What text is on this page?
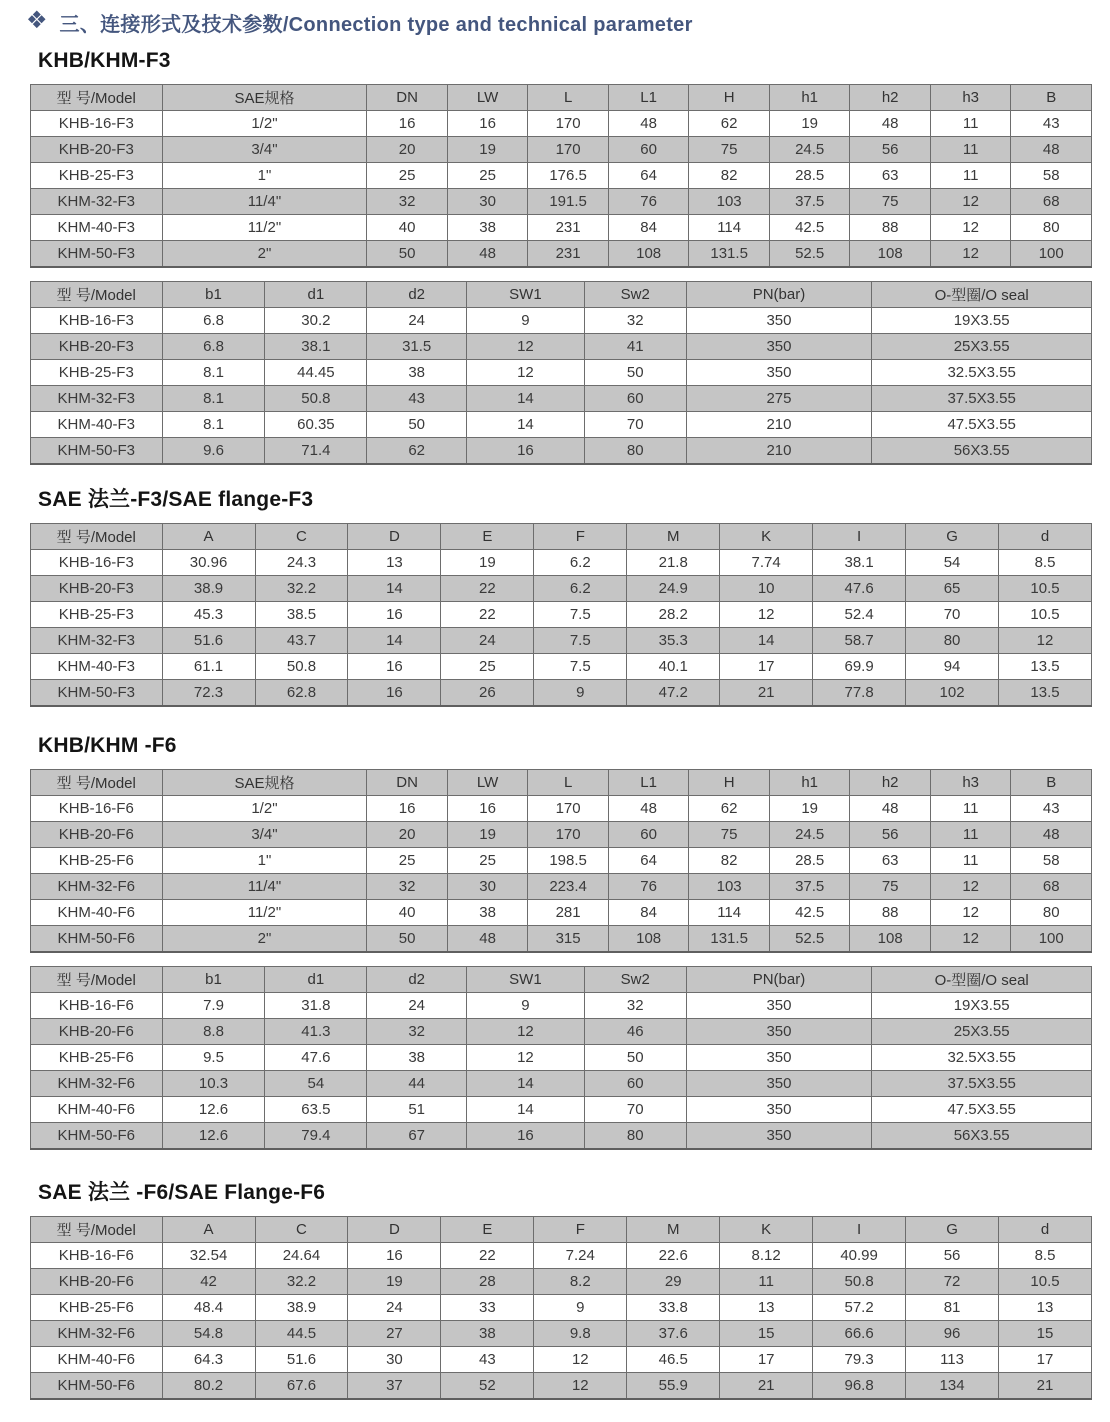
❖ 三、连接形式及技术参数/Connection type and technical parameter
KHB/KHM-F3
型 号/Model	SAE规格	DN	LW	L	L1	H	h1	h2	h3	B
KHB-16-F3	1/2"	16	16	170	48	62	19	48	11	43
KHB-20-F3	3/4"	20	19	170	60	75	24.5	56	11	48
KHB-25-F3	1"	25	25	176.5	64	82	28.5	63	11	58
KHM-32-F3	11/4"	32	30	191.5	76	103	37.5	75	12	68
KHM-40-F3	11/2"	40	38	231	84	114	42.5	88	12	80
KHM-50-F3	2"	50	48	231	108	131.5	52.5	108	12	100
型 号/Model	b1	d1	d2	SW1	Sw2	PN(bar)	O-型圈/O seal
KHB-16-F3	6.8	30.2	24	9	32	350	19X3.55
KHB-20-F3	6.8	38.1	31.5	12	41	350	25X3.55
KHB-25-F3	8.1	44.45	38	12	50	350	32.5X3.55
KHM-32-F3	8.1	50.8	43	14	60	275	37.5X3.55
KHM-40-F3	8.1	60.35	50	14	70	210	47.5X3.55
KHM-50-F3	9.6	71.4	62	16	80	210	56X3.55
SAE 法兰-F3/SAE flange-F3
型 号/Model	A	C	D	E	F	M	K	I	G	d
KHB-16-F3	30.96	24.3	13	19	6.2	21.8	7.74	38.1	54	8.5
KHB-20-F3	38.9	32.2	14	22	6.2	24.9	10	47.6	65	10.5
KHB-25-F3	45.3	38.5	16	22	7.5	28.2	12	52.4	70	10.5
KHM-32-F3	51.6	43.7	14	24	7.5	35.3	14	58.7	80	12
KHM-40-F3	61.1	50.8	16	25	7.5	40.1	17	69.9	94	13.5
KHM-50-F3	72.3	62.8	16	26	9	47.2	21	77.8	102	13.5
KHB/KHM -F6
型 号/Model	SAE规格	DN	LW	L	L1	H	h1	h2	h3	B
KHB-16-F6	1/2"	16	16	170	48	62	19	48	11	43
KHB-20-F6	3/4"	20	19	170	60	75	24.5	56	11	48
KHB-25-F6	1"	25	25	198.5	64	82	28.5	63	11	58
KHM-32-F6	11/4"	32	30	223.4	76	103	37.5	75	12	68
KHM-40-F6	11/2"	40	38	281	84	114	42.5	88	12	80
KHM-50-F6	2"	50	48	315	108	131.5	52.5	108	12	100
型 号/Model	b1	d1	d2	SW1	Sw2	PN(bar)	O-型圈/O seal
KHB-16-F6	7.9	31.8	24	9	32	350	19X3.55
KHB-20-F6	8.8	41.3	32	12	46	350	25X3.55
KHB-25-F6	9.5	47.6	38	12	50	350	32.5X3.55
KHM-32-F6	10.3	54	44	14	60	350	37.5X3.55
KHM-40-F6	12.6	63.5	51	14	70	350	47.5X3.55
KHM-50-F6	12.6	79.4	67	16	80	350	56X3.55
SAE 法兰 -F6/SAE Flange-F6
型 号/Model	A	C	D	E	F	M	K	I	G	d
KHB-16-F6	32.54	24.64	16	22	7.24	22.6	8.12	40.99	56	8.5
KHB-20-F6	42	32.2	19	28	8.2	29	11	50.8	72	10.5
KHB-25-F6	48.4	38.9	24	33	9	33.8	13	57.2	81	13
KHM-32-F6	54.8	44.5	27	38	9.8	37.6	15	66.6	96	15
KHM-40-F6	64.3	51.6	30	43	12	46.5	17	79.3	113	17
KHM-50-F6	80.2	67.6	37	52	12	55.9	21	96.8	134	21
